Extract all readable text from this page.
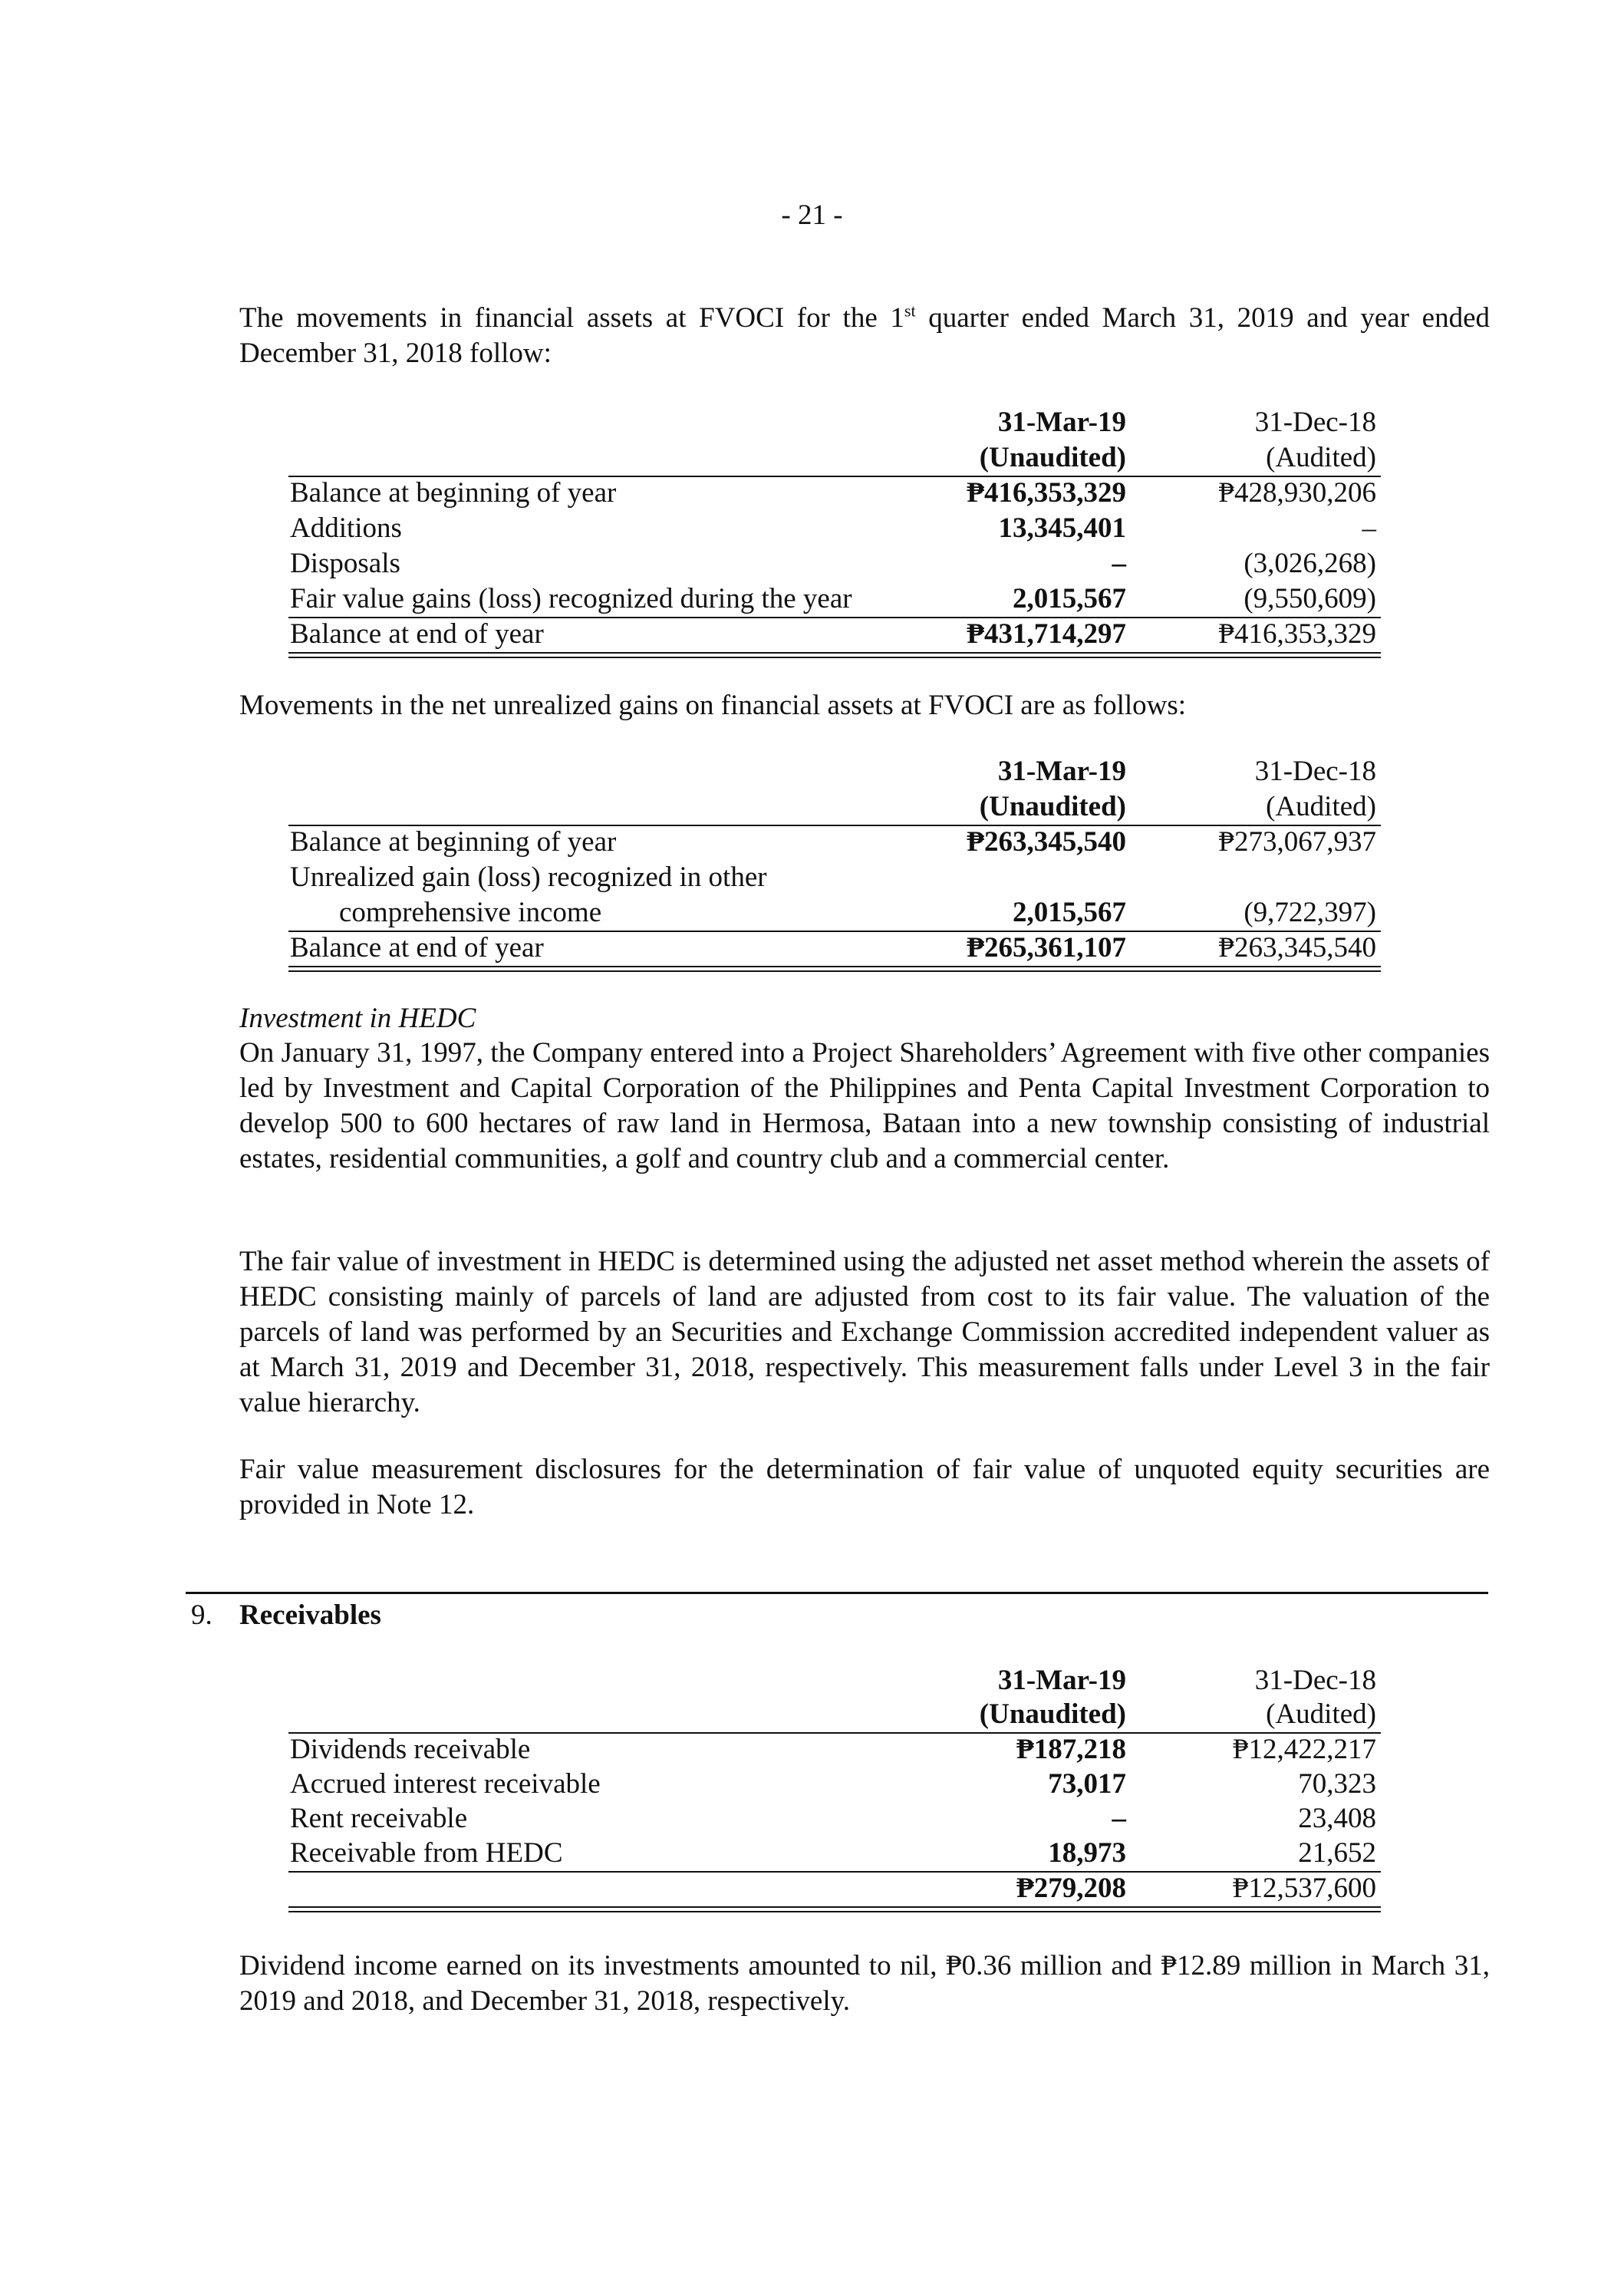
- 21 -
The movements in financial assets at FVOCI for the 1st quarter ended March 31, 2019 and year ended December 31, 2018 follow:
31-Mar-19	31-Dec-18
(Unaudited)	(Audited)
Balance at beginning of year	₱416,353,329	₱428,930,206
Additions	13,345,401	–
Disposals	–	(3,026,268)
Fair value gains (loss) recognized during the year	2,015,567	(9,550,609)
Balance at end of year	₱431,714,297	₱416,353,329
Movements in the net unrealized gains on financial assets at FVOCI are as follows:
31-Mar-19	31-Dec-18
(Unaudited)	(Audited)
Balance at beginning of year	₱263,345,540	₱273,067,937
Unrealized gain (loss) recognized in other
comprehensive income	2,015,567	(9,722,397)
Balance at end of year	₱265,361,107	₱263,345,540
Investment in HEDC
On January 31, 1997, the Company entered into a Project Shareholders’ Agreement with five other companies led by Investment and Capital Corporation of the Philippines and Penta Capital Investment Corporation to develop 500 to 600 hectares of raw land in Hermosa, Bataan into a new township consisting of industrial estates, residential communities, a golf and country club and a commercial center.
The fair value of investment in HEDC is determined using the adjusted net asset method wherein the assets of HEDC consisting mainly of parcels of land are adjusted from cost to its fair value. The valuation of the parcels of land was performed by an Securities and Exchange Commission accredited independent valuer as at March 31, 2019 and December 31, 2018, respectively. This measurement falls under Level 3 in the fair value hierarchy.
Fair value measurement disclosures for the determination of fair value of unquoted equity securities are provided in Note 12.
9. Receivables
31-Mar-19	31-Dec-18
(Unaudited)	(Audited)
Dividends receivable	₱187,218	₱12,422,217
Accrued interest receivable	73,017	70,323
Rent receivable	–	23,408
Receivable from HEDC	18,973	21,652
₱279,208	₱12,537,600
Dividend income earned on its investments amounted to nil, ₱0.36 million and ₱12.89 million in March 31, 2019 and 2018, and December 31, 2018, respectively.
